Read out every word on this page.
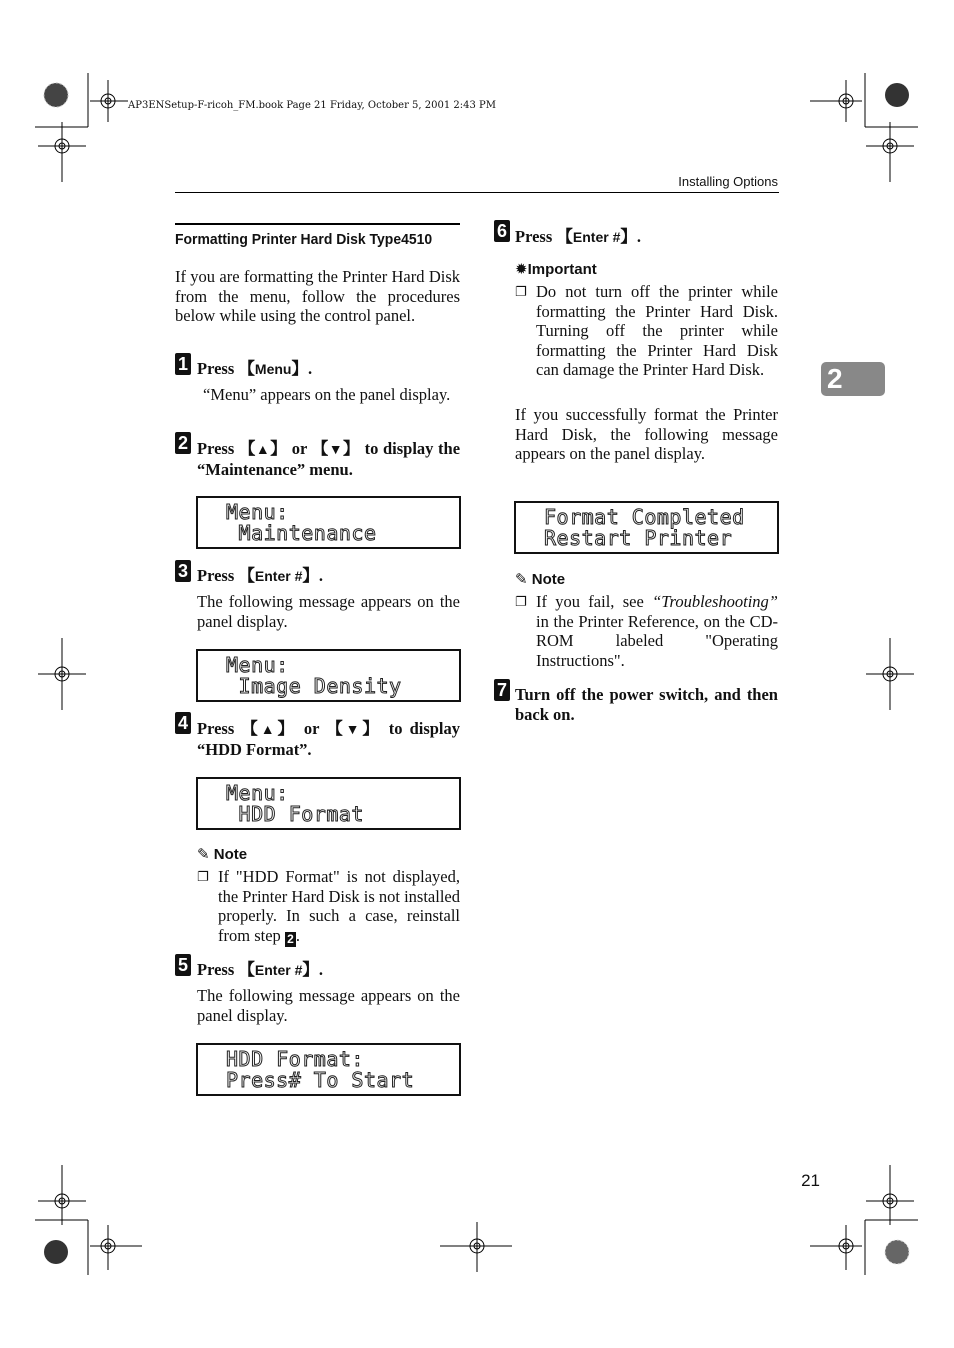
AP3ENSetup-F-ricoh_FM.book Page 21 Friday, October 5, 2001 2:43 PM
Installing Options
Formatting Printer Hard Disk Type4510
If you are formatting the Printer Hard Disk from the menu, follow the procedures below while using the control panel.
1 Press 【Menu】.
“Menu” appears on the panel display.
2 Press 【▲】 or 【▼】 to display the “Maintenance” menu.
Menu:
Maintenance
3 Press 【Enter #】.
The following message appears on the panel display.
Menu:
Image Density
4 Press 【▲】 or 【▼】 to display “HDD Format”.
Menu:
HDD Format
✎ Note
❐ If "HDD Format" is not displayed, the Printer Hard Disk is not installed properly. In such a case, reinstall from step 2 .
5 Press 【Enter #】.
The following message appears on the panel display.
HDD Format:
Press# To Start
6 Press 【Enter #】.
✹Important
❐ Do not turn off the printer while formatting the Printer Hard Disk. Turning off the printer while formatting the Printer Hard Disk can damage the Printer Hard Disk.
If you successfully format the Printer Hard Disk, the following message appears on the panel display.
Format Completed
Restart Printer
✎ Note
❐ If you fail, see “Troubleshooting” in the Printer Reference, on the CD-ROM labeled "Operating Instructions".
7 Turn off the power switch, and then back on.
2
21
